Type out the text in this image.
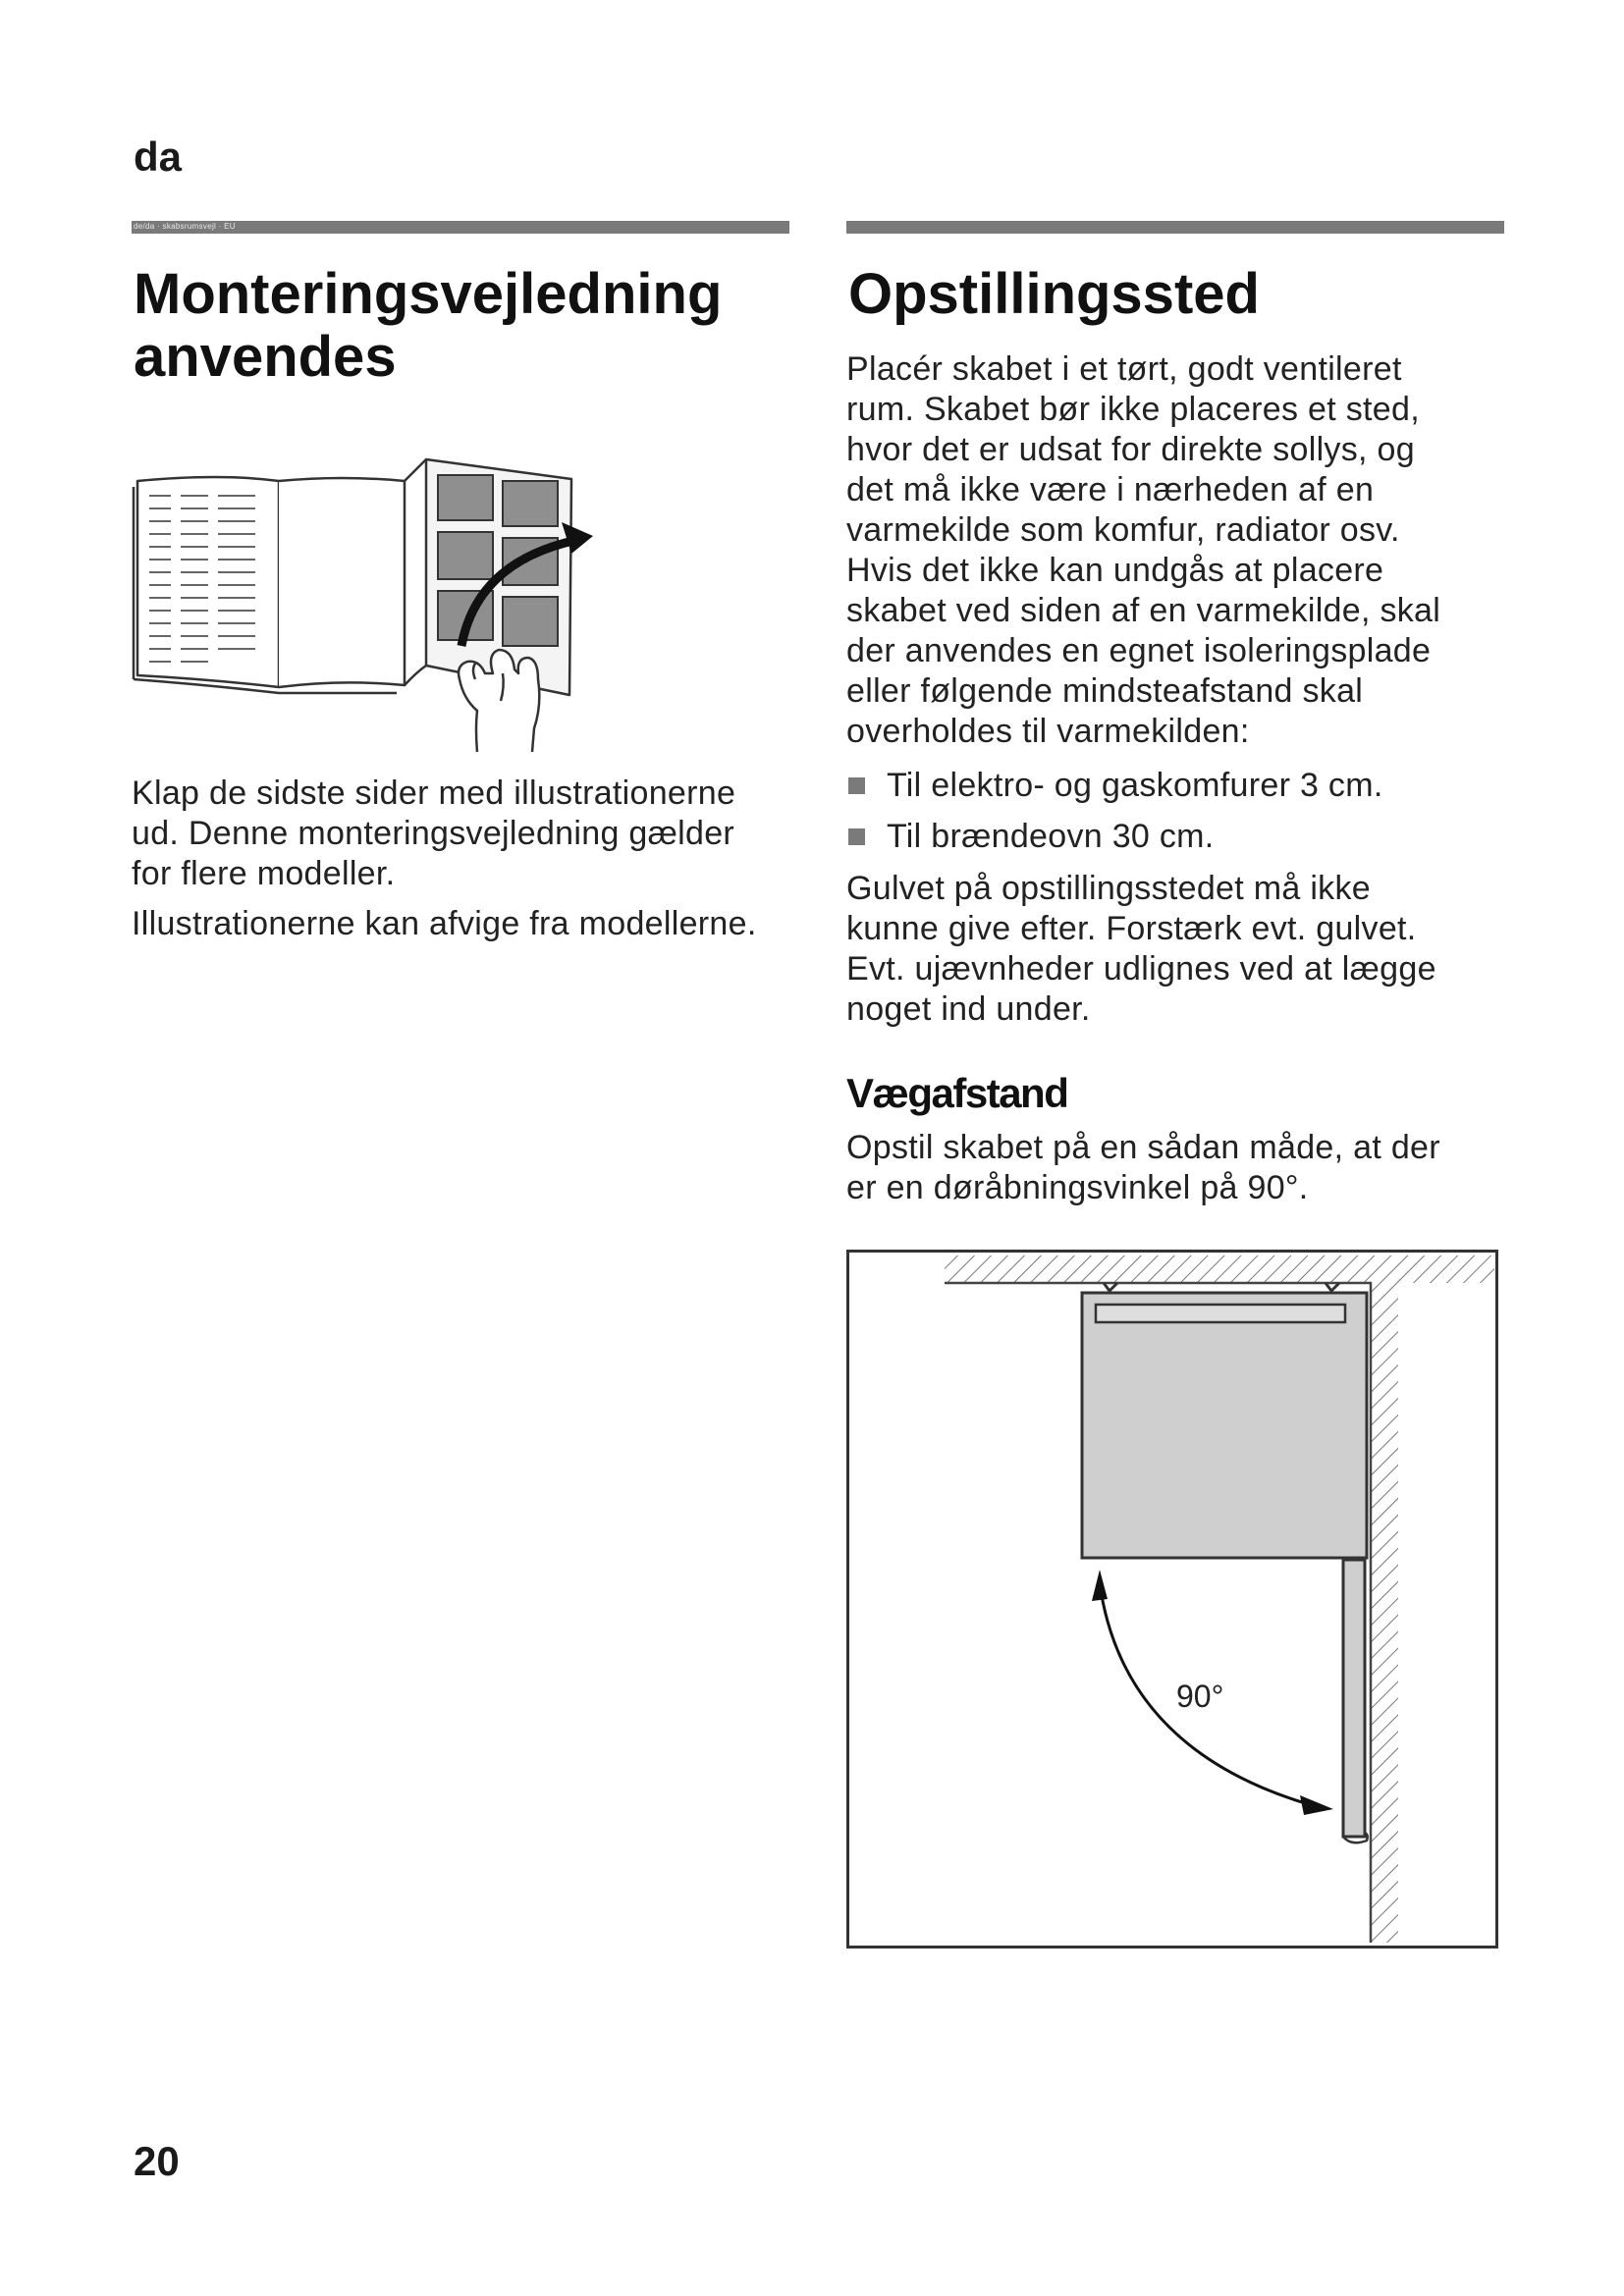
da
de/da · skabsrumsvejl · EU
Monteringsvejledning
anvendes

Klap de sidste sider med illustrationerne
ud. Denne monteringsvejledning gælder
for flere modeller.

Illustrationerne kan afvige fra modellerne.

Opstillingssted

Placér skabet i et tørt, godt ventileret
rum. Skabet bør ikke placeres et sted,
hvor det er udsat for direkte sollys, og
det må ikke være i nærheden af en
varmekilde som komfur, radiator osv.
Hvis det ikke kan undgås at placere
skabet ved siden af en varmekilde, skal
der anvendes en egnet isoleringsplade
eller følgende mindsteafstand skal
overholdes til varmekilden:

Til elektro- og gaskomfurer 3 cm.
Til brændeovn 30 cm.

Gulvet på opstillingsstedet må ikke
kunne give efter. Forstærk evt. gulvet.
Evt. ujævnheder udlignes ved at lægge
noget ind under.

Vægafstand

Opstil skabet på en sådan måde, at der
er en døråbningsvinkel på 90°.

90°
20
